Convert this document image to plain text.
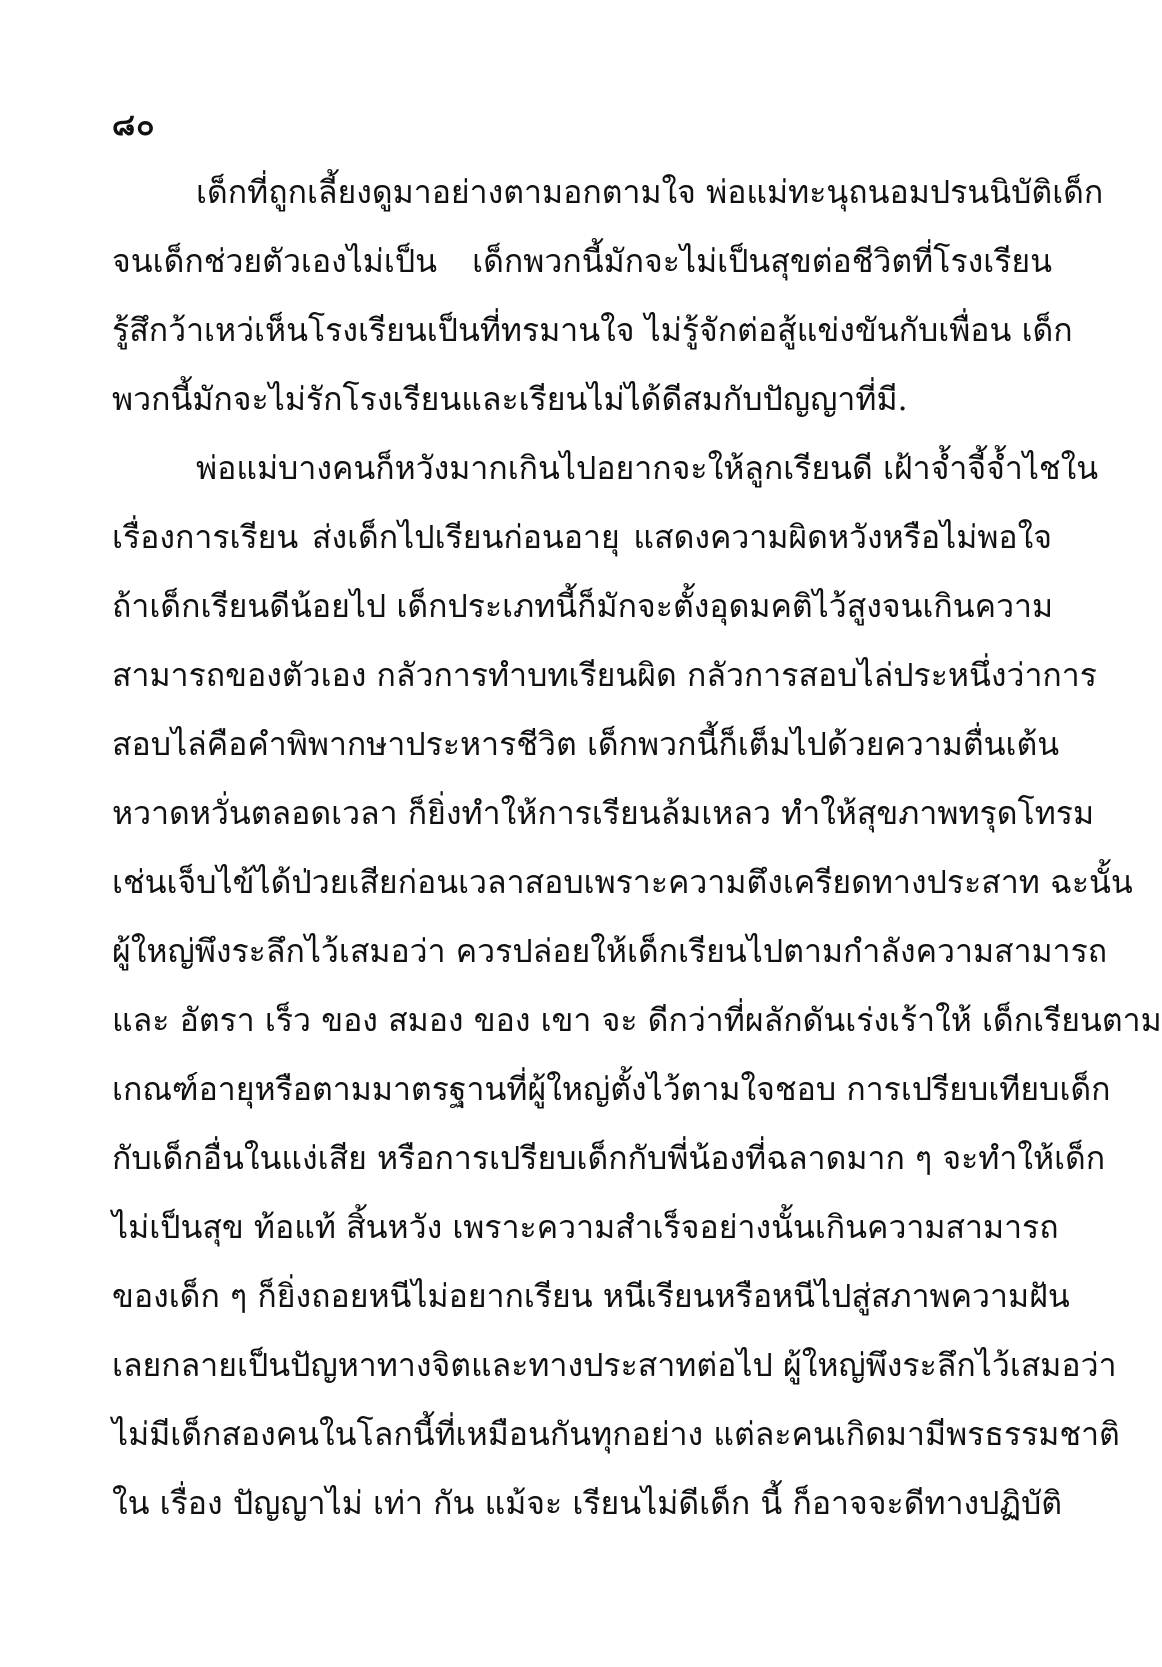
๘๐
เด็กที่ถูกเลี้ยงดูมาอย่างตามอกตามใจ พ่อแม่ทะนุถนอมปรนนิบัติเด็ก
จนเด็กช่วยตัวเองไม่เป็น เด็กพวกนี้มักจะไม่เป็นสุขต่อชีวิตที่โรงเรียน
รู้สึกว้าเหว่เห็นโรงเรียนเป็นที่ทรมานใจ ไม่รู้จักต่อสู้แข่งขันกับเพื่อน เด็ก
พวกนี้มักจะไม่รักโรงเรียนและเรียนไม่ได้ดีสมกับปัญญาที่มี.
พ่อแม่บางคนก็หวังมากเกินไปอยากจะให้ลูกเรียนดี เฝ้าจ้ำจี้จ้ำไชใน
เรื่องการเรียน ส่งเด็กไปเรียนก่อนอายุ แสดงความผิดหวังหรือไม่พอใจ
ถ้าเด็กเรียนดีน้อยไป เด็กประเภทนี้ก็มักจะตั้งอุดมคติไว้สูงจนเกินความ
สามารถของตัวเอง กลัวการทำบทเรียนผิด กลัวการสอบไล่ประหนึ่งว่าการ
สอบไล่คือคำพิพากษาประหารชีวิต เด็กพวกนี้ก็เต็มไปด้วยความตื่นเต้น
หวาดหวั่นตลอดเวลา ก็ยิ่งทำให้การเรียนล้มเหลว ทำให้สุขภาพทรุดโทรม
เช่นเจ็บไข้ได้ป่วยเสียก่อนเวลาสอบเพราะความตึงเครียดทางประสาท ฉะนั้น
ผู้ใหญ่พึงระลึกไว้เสมอว่า ควรปล่อยให้เด็กเรียนไปตามกำลังความสามารถ
และ อัตรา เร็ว ของ สมอง ของ เขา จะ ดีกว่าที่ผลักดันเร่งเร้าให้ เด็กเรียนตาม
เกณฑ์อายุหรือตามมาตรฐานที่ผู้ใหญ่ตั้งไว้ตามใจชอบ การเปรียบเทียบเด็ก
กับเด็กอื่นในแง่เสีย หรือการเปรียบเด็กกับพี่น้องที่ฉลาดมาก ๆ จะทำให้เด็ก
ไม่เป็นสุข ท้อแท้ สิ้นหวัง เพราะความสำเร็จอย่างนั้นเกินความสามารถ
ของเด็ก ๆ ก็ยิ่งถอยหนีไม่อยากเรียน หนีเรียนหรือหนีไปสู่สภาพความฝัน
เลยกลายเป็นปัญหาทางจิตและทางประสาทต่อไป ผู้ใหญ่พึงระลึกไว้เสมอว่า
ไม่มีเด็กสองคนในโลกนี้ที่เหมือนกันทุกอย่าง แต่ละคนเกิดมามีพรธรรมชาติ
ใน เรื่อง ปัญญาไม่ เท่า กัน แม้จะ เรียนไม่ดีเด็ก นี้ ก็อาจจะดีทางปฏิบัติ
